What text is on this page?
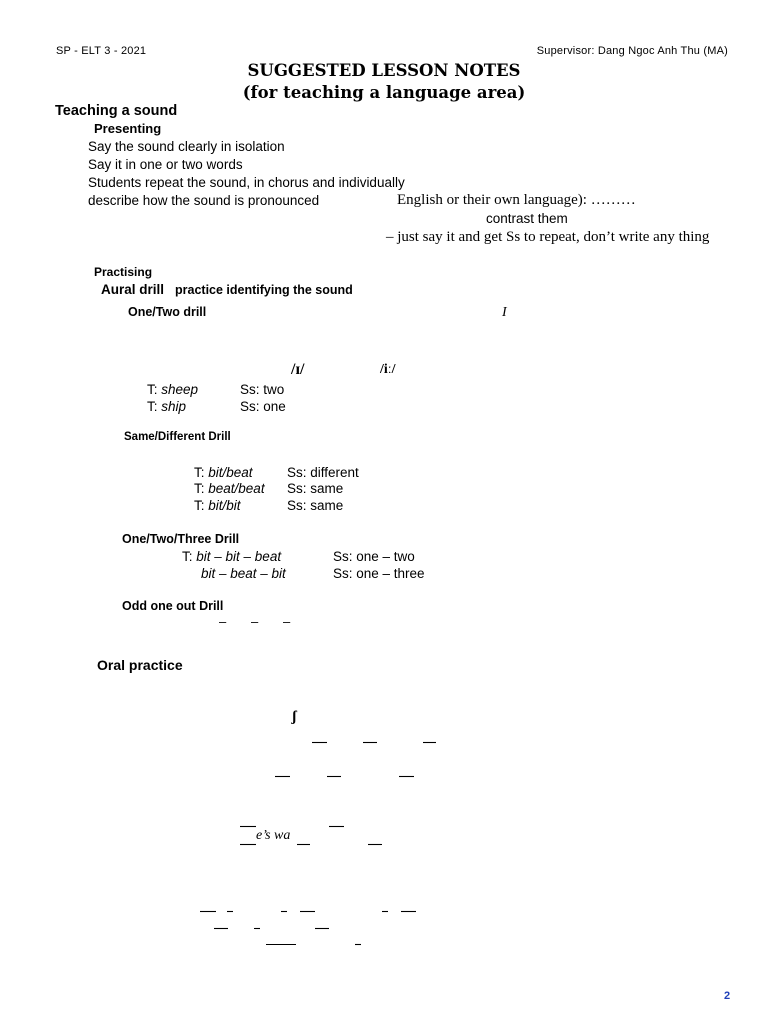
SP - ELT 3 - 2021	Supervisor: Dang Ngoc Anh Thu (MA)
SUGGESTED LESSON NOTES
(for teaching a language area)
Teaching a sound
Presenting
Say the sound clearly in isolation
Say it in one or two words
Students repeat the sound, in chorus and individually
describe how the sound is pronounced	English or their own language): ………
contrast them
– just say it and get Ss to repeat, don’t write any thing
Practising
Aural drill practice identifying the sound
One/Two drill	I
/ɪ/	/iː/
T: sheep	Ss: two
T: ship	Ss: one
Same/Different Drill
T: bit/beat	Ss: different
T: beat/beat Ss: same
T: bit/bit	Ss: same
One/Two/Three Drill
T: bit – bit – beat	Ss: one – two
bit – beat – bit	Ss: one – three
Odd one out Drill
– – –
Oral practice
ʃ
e’s wa
2
